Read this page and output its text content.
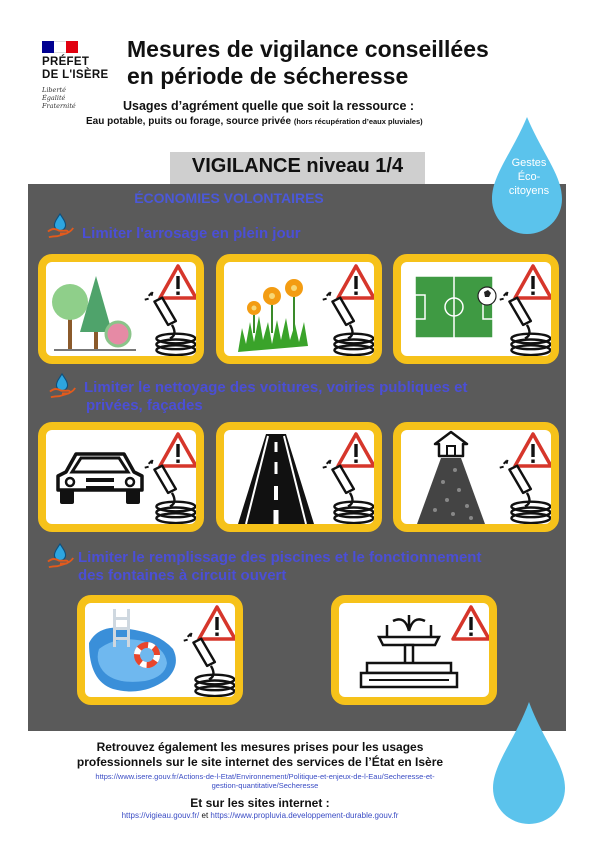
PRÉFET
DE L'ISÈRE
Liberté
Égalité
Fraternité
Mesures de vigilance conseillées
en période de sécheresse
Usages d’agrément quelle que soit la ressource :
Eau potable, puits ou forage, source privée (hors récupération d’eaux pluviales)
VIGILANCE niveau 1/4
ÉCONOMIES VOLONTAIRES
Gestes
Éco-
citoyens
Limiter l'arrosage en plein jour
Limiter le nettoyage des voitures, voiries publiques et
privées, façades
Limiter le remplissage des piscines et le fonctionnement
des fontaines à circuit ouvert
Retrouvez également les mesures prises pour les usages
professionnels sur le site internet des services de l’État en Isère
https://www.isere.gouv.fr/Actions-de-l-Etat/Environnement/Politique-et-enjeux-de-l-Eau/Secheresse-et-
gestion-quantitative/Secheresse
Et sur les sites internet :
https://vigieau.gouv.fr/ et https://www.propluvia.developpement-durable.gouv.fr
